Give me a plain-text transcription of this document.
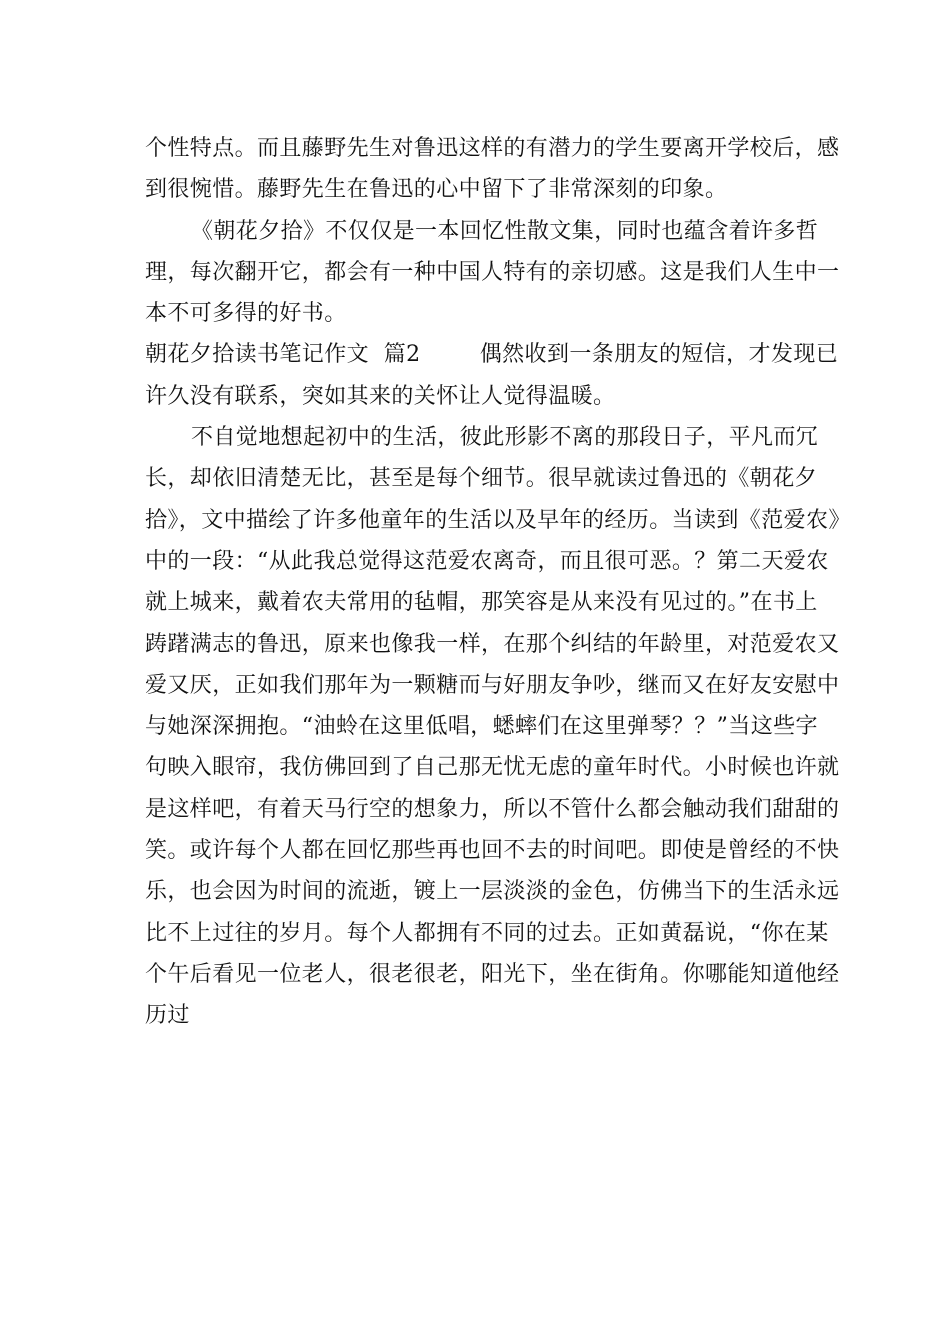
个性特点。而且藤野先生对鲁迅这样的有潜力的学生要离开学校后，感到很惋惜。藤野先生在鲁迅的心中留下了非常深刻的印象。

《朝花夕拾》不仅仅是一本回忆性散文集，同时也蕴含着许多哲理，每次翻开它，都会有一种中国人特有的亲切感。这是我们人生中一本不可多得的好书。

朝花夕拾读书笔记作文  篇2        偶然收到一条朋友的短信，才发现已许久没有联系，突如其来的关怀让人觉得温暖。

不自觉地想起初中的生活，彼此形影不离的那段日子，平凡而冗长，却依旧清楚无比，甚至是每个细节。很早就读过鲁迅的《朝花夕拾》，文中描绘了许多他童年的生活以及早年的经历。当读到《范爱农》中的一段：“从此我总觉得这范爱农离奇，而且很可恶。？第二天爱农就上城来，戴着农夫常用的毡帽，那笑容是从来没有见过的。”在书上踌躇满志的鲁迅，原来也像我一样，在那个纠结的年龄里，对范爱农又爱又厌，正如我们那年为一颗糖而与好朋友争吵，继而又在好友安慰中与她深深拥抱。“油蛉在这里低唱，蟋蟀们在这里弹琴？？”当这些字句映入眼帘，我仿佛回到了自己那无忧无虑的童年时代。小时候也许就是这样吧，有着天马行空的想象力，所以不管什么都会触动我们甜甜的笑。或许每个人都在回忆那些再也回不去的时间吧。即使是曾经的不快乐，也会因为时间的流逝，镀上一层淡淡的金色，仿佛当下的生活永远比不上过往的岁月。每个人都拥有不同的过去。正如黄磊说，“你在某个午后看见一位老人，很老很老，阳光下，坐在街角。你哪能知道他经历过
